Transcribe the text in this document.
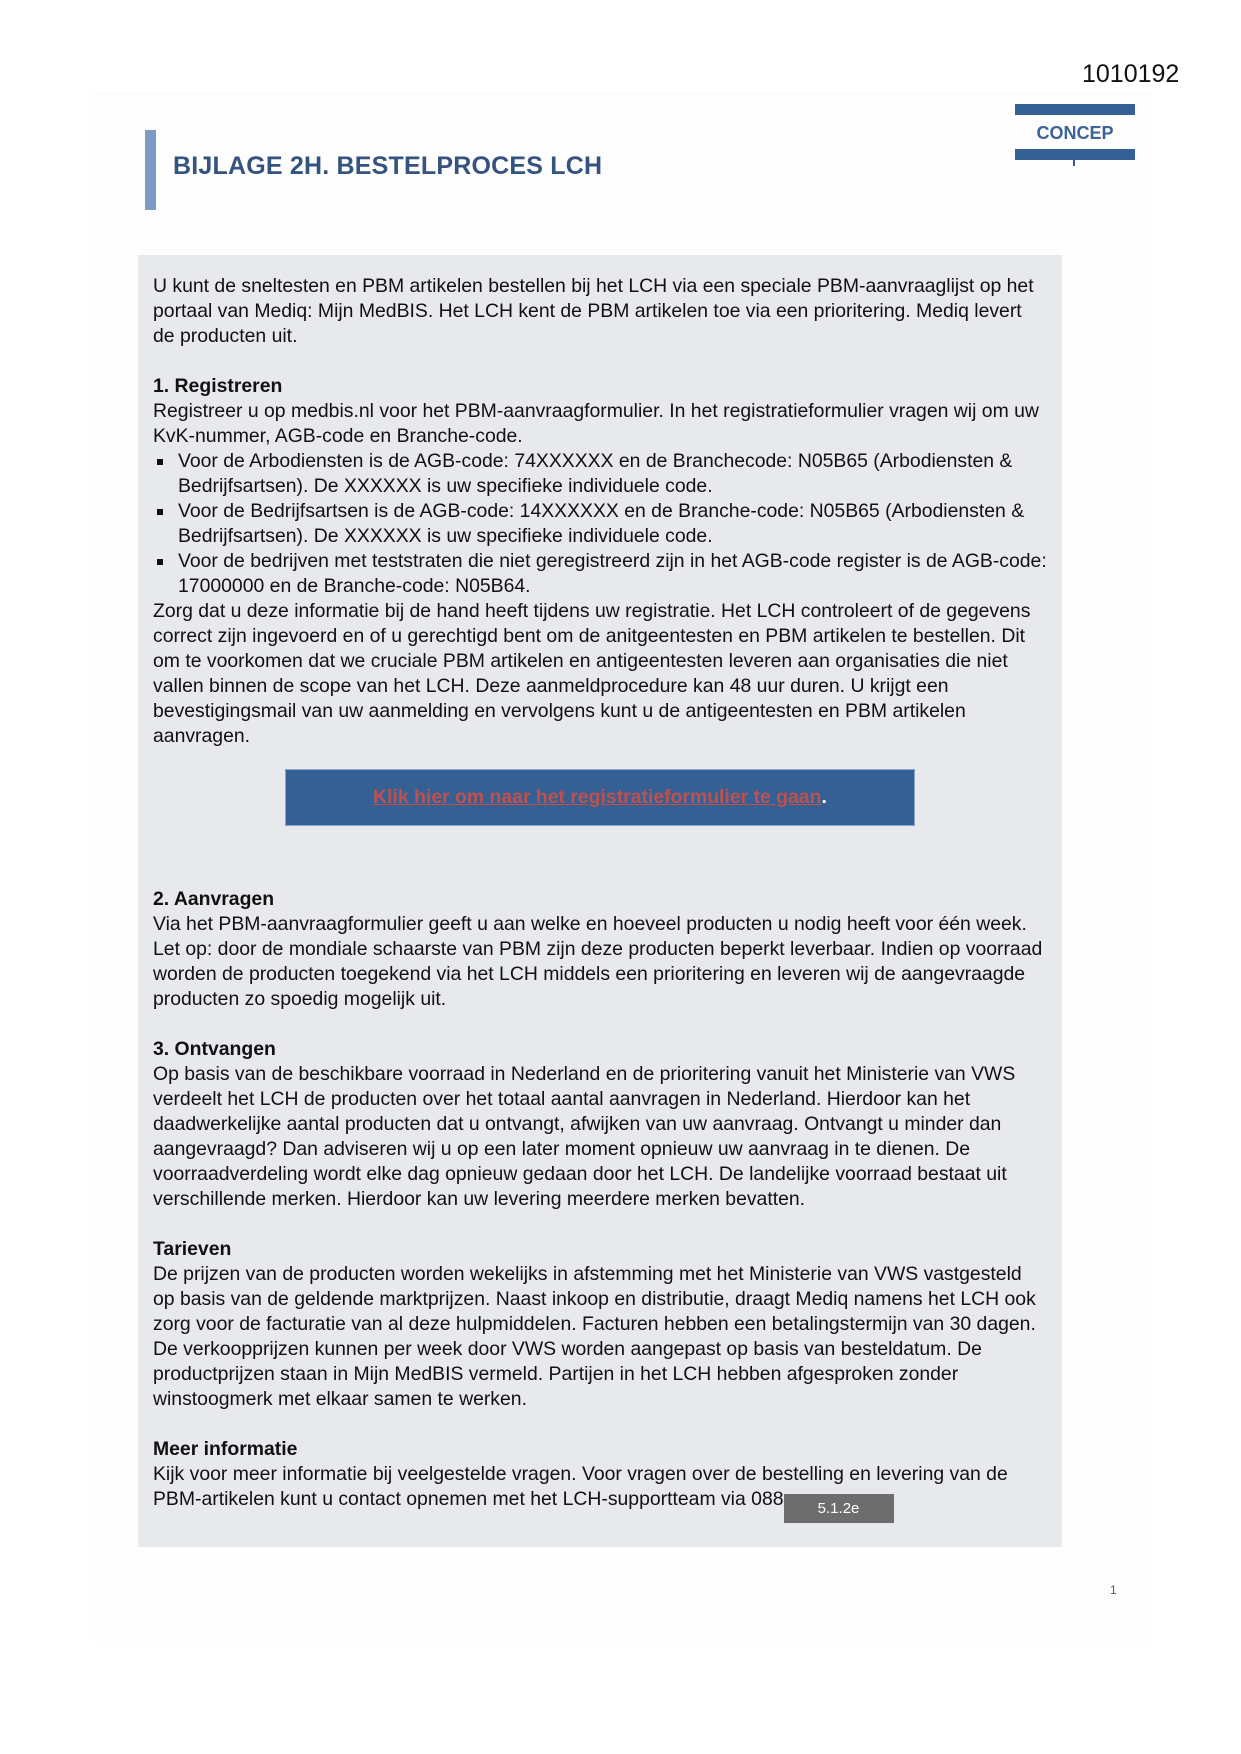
1010192
BIJLAGE 2H. BESTELPROCES LCH
CONCEP

U kunt de sneltesten en PBM artikelen bestellen bij het LCH via een speciale PBM-aanvraaglijst op het portaal van Mediq: Mijn MedBIS. Het LCH kent de PBM artikelen toe via een prioritering. Mediq levert de producten uit.

1. Registreren

Registreer u op medbis.nl voor het PBM-aanvraagformulier. In het registratieformulier vragen wij om uw KvK-nummer, AGB-code en Branche-code.

Voor de Arbodiensten is de AGB-code: 74XXXXXX en de Branchecode: N05B65 (Arbodiensten & Bedrijfsartsen). De XXXXXX is uw specifieke individuele code.
Voor de Bedrijfsartsen is de AGB-code: 14XXXXXX en de Branche-code: N05B65 (Arbodiensten & Bedrijfsartsen). De XXXXXX is uw specifieke individuele code.
Voor de bedrijven met teststraten die niet geregistreerd zijn in het AGB-code register is de AGB-code: 17000000 en de Branche-code: N05B64.

Zorg dat u deze informatie bij de hand heeft tijdens uw registratie. Het LCH controleert of de gegevens correct zijn ingevoerd en of u gerechtigd bent om de anitgeentesten en PBM artikelen te bestellen. Dit om te voorkomen dat we cruciale PBM artikelen en antigeentesten leveren aan organisaties die niet vallen binnen de scope van het LCH. Deze aanmeldprocedure kan 48 uur duren. U krijgt een bevestigingsmail van uw aanmelding en vervolgens kunt u de antigeentesten en PBM artikelen aanvragen.

Klik hier om naar het registratieformulier te gaan.
2. Aanvragen

Via het PBM-aanvraagformulier geeft u aan welke en hoeveel producten u nodig heeft voor één week. Let op: door de mondiale schaarste van PBM zijn deze producten beperkt leverbaar. Indien op voorraad worden de producten toegekend via het LCH middels een prioritering en leveren wij de aangevraagde producten zo spoedig mogelijk uit.

3. Ontvangen

Op basis van de beschikbare voorraad in Nederland en de prioritering vanuit het Ministerie van VWS verdeelt het LCH de producten over het totaal aantal aanvragen in Nederland. Hierdoor kan het daadwerkelijke aantal producten dat u ontvangt, afwijken van uw aanvraag. Ontvangt u minder dan aangevraagd? Dan adviseren wij u op een later moment opnieuw uw aanvraag in te dienen. De voorraadverdeling wordt elke dag opnieuw gedaan door het LCH. De landelijke voorraad bestaat uit verschillende merken. Hierdoor kan uw levering meerdere merken bevatten.

Tarieven

De prijzen van de producten worden wekelijks in afstemming met het Ministerie van VWS vastgesteld op basis van de geldende marktprijzen. Naast inkoop en distributie, draagt Mediq namens het LCH ook zorg voor de facturatie van al deze hulpmiddelen. Facturen hebben een betalingstermijn van 30 dagen. De verkoopprijzen kunnen per week door VWS worden aangepast op basis van besteldatum. De productprijzen staan in Mijn MedBIS vermeld. Partijen in het LCH hebben afgesproken zonder winstoogmerk met elkaar samen te werken.

Meer informatie

Kijk voor meer informatie bij veelgestelde vragen. Voor vragen over de bestelling en levering van de PBM-artikelen kunt u contact opnemen met het LCH-supportteam via 088 5.1.2e

1
